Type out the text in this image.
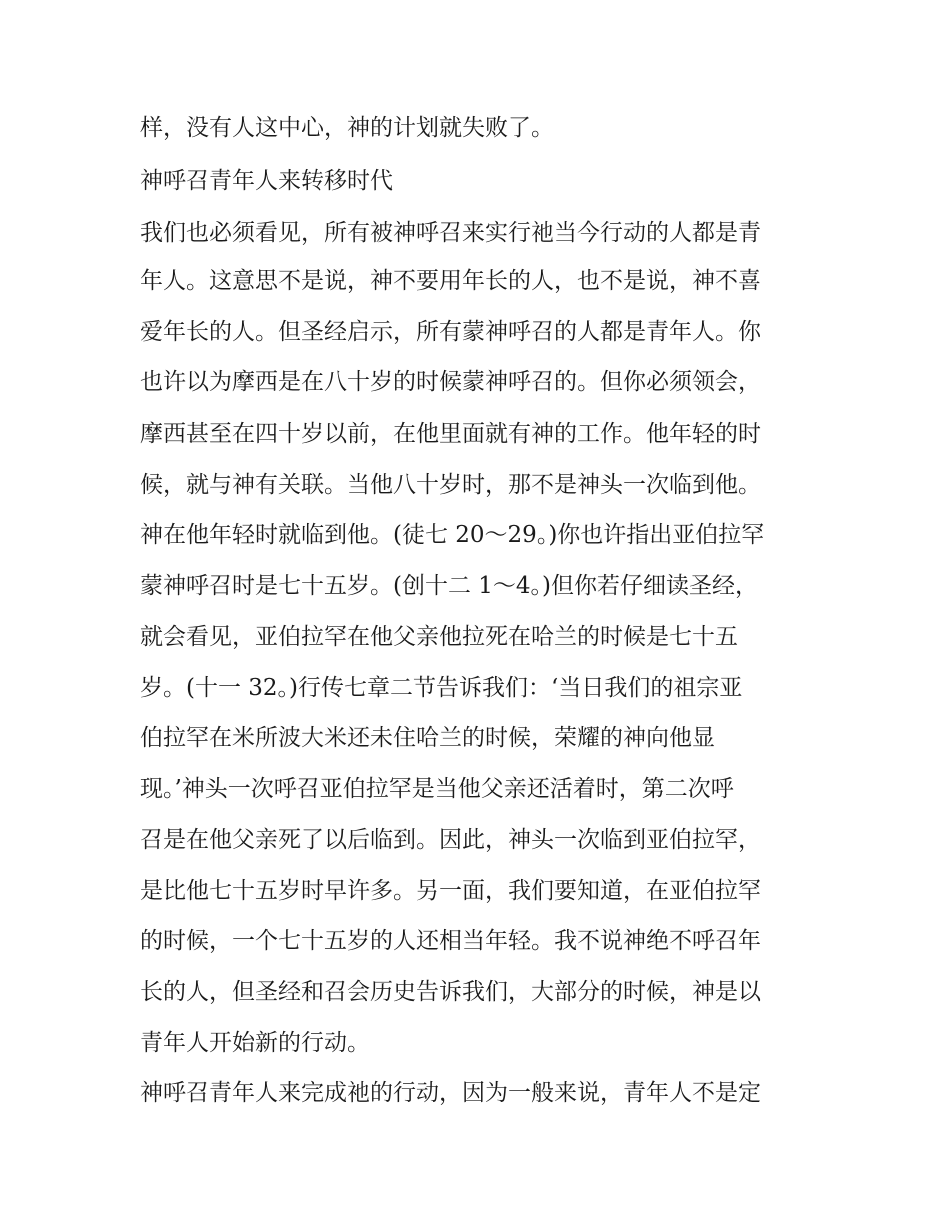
样，没有人这中心，神的计划就失败了。
神呼召青年人来转移时代
我们也必须看见，所有被神呼召来实行祂当今行动的人都是青
年人。这意思不是说，神不要用年长的人，也不是说，神不喜
爱年长的人。但圣经启示，所有蒙神呼召的人都是青年人。你
也许以为摩西是在八十岁的时候蒙神呼召的。但你必须领会，
摩西甚至在四十岁以前，在他里面就有神的工作。他年轻的时
候，就与神有关联。当他八十岁时，那不是神头一次临到他。
神在他年轻时就临到他。(徒七 20～29。)你也许指出亚伯拉罕
蒙神呼召时是七十五岁。(创十二 1～4。)但你若仔细读圣经，
就会看见，亚伯拉罕在他父亲他拉死在哈兰的时候是七十五
岁。(十一 32。)行传七章二节告诉我们：‘当日我们的祖宗亚
伯拉罕在米所波大米还未住哈兰的时候，荣耀的神向他显
现。’神头一次呼召亚伯拉罕是当他父亲还活着时，第二次呼
召是在他父亲死了以后临到。因此，神头一次临到亚伯拉罕，
是比他七十五岁时早许多。另一面，我们要知道，在亚伯拉罕
的时候，一个七十五岁的人还相当年轻。我不说神绝不呼召年
长的人，但圣经和召会历史告诉我们，大部分的时候，神是以
青年人开始新的行动。
神呼召青年人来完成祂的行动，因为一般来说，青年人不是定
